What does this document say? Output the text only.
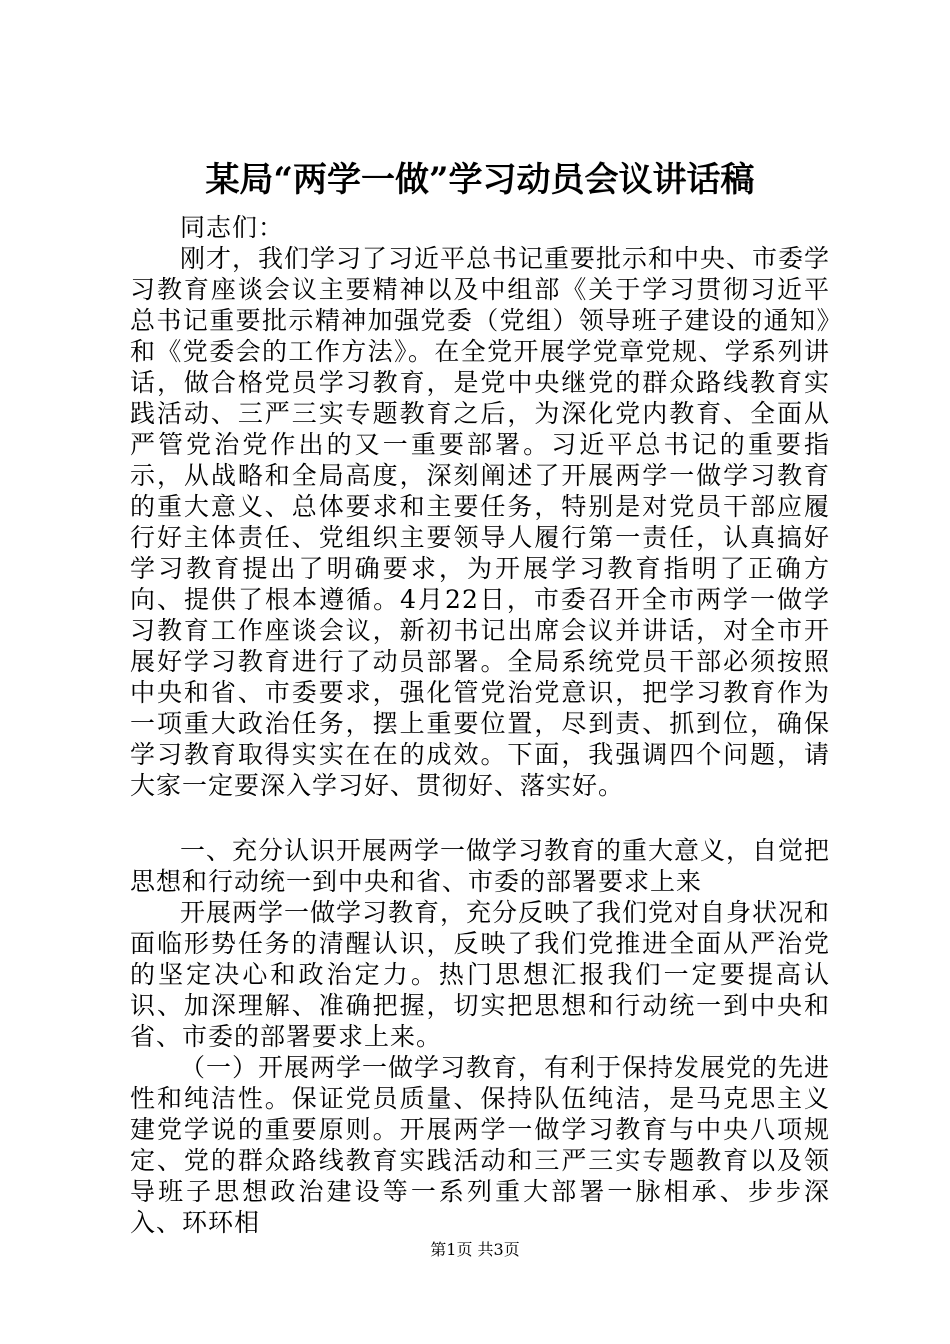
某局“两学一做”学习动员会议讲话稿

同志们：

刚才，我们学习了习近平总书记重要批示和中央、市委学习教育座谈会议主要精神以及中组部《关于学习贯彻习近平总书记重要批示精神加强党委（党组）领导班子建设的通知》和《党委会的工作方法》。在全党开展学党章党规、学系列讲话，做合格党员学习教育，是党中央继党的群众路线教育实践活动、三严三实专题教育之后，为深化党内教育、全面从严管党治党作出的又一重要部署。习近平总书记的重要指示，从战略和全局高度，深刻阐述了开展两学一做学习教育的重大意义、总体要求和主要任务，特别是对党员干部应履行好主体责任、党组织主要领导人履行第一责任，认真搞好学习教育提出了明确要求，为开展学习教育指明了正确方向、提供了根本遵循。4月22日，市委召开全市两学一做学习教育工作座谈会议，新初书记出席会议并讲话，对全市开展好学习教育进行了动员部署。全局系统党员干部必须按照中央和省、市委要求，强化管党治党意识，把学习教育作为一项重大政治任务，摆上重要位置，尽到责、抓到位，确保学习教育取得实实在在的成效。下面，我强调四个问题，请大家一定要深入学习好、贯彻好、落实好。

一、充分认识开展两学一做学习教育的重大意义，自觉把思想和行动统一到中央和省、市委的部署要求上来

开展两学一做学习教育，充分反映了我们党对自身状况和面临形势任务的清醒认识，反映了我们党推进全面从严治党的坚定决心和政治定力。热门思想汇报我们一定要提高认识、加深理解、准确把握，切实把思想和行动统一到中央和省、市委的部署要求上来。

（一）开展两学一做学习教育，有利于保持发展党的先进性和纯洁性。保证党员质量、保持队伍纯洁，是马克思主义建党学说的重要原则。开展两学一做学习教育与中央八项规定、党的群众路线教育实践活动和三严三实专题教育以及领导班子思想政治建设等一系列重大部署一脉相承、步步深入、环环相

第1页 共3页
